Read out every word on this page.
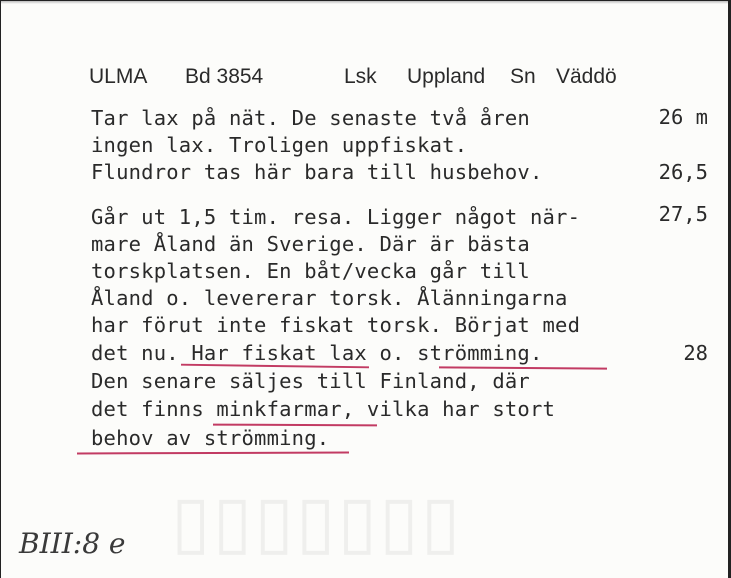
▯▯▯▯▯▯▯
ULMA Bd 3854	Lsk Uppland Sn Väddö
Tar lax på nät. De senaste två åren
ingen lax. Troligen uppfiskat.
Flundror tas här bara till husbehov.
26 m
26,5
Går ut 1,5 tim. resa. Ligger något när-
mare Åland än Sverige. Där är bästa
torskplatsen. En båt/vecka går till
Åland o. levererar torsk. Ålänningarna
har förut inte fiskat torsk. Börjat med
det nu. Har fiskat lax o. strömming.
Den senare säljes till Finland, där
det finns minkfarmar, vilka har stort
behov av strömming.
27,5
28
BIII:8 e
